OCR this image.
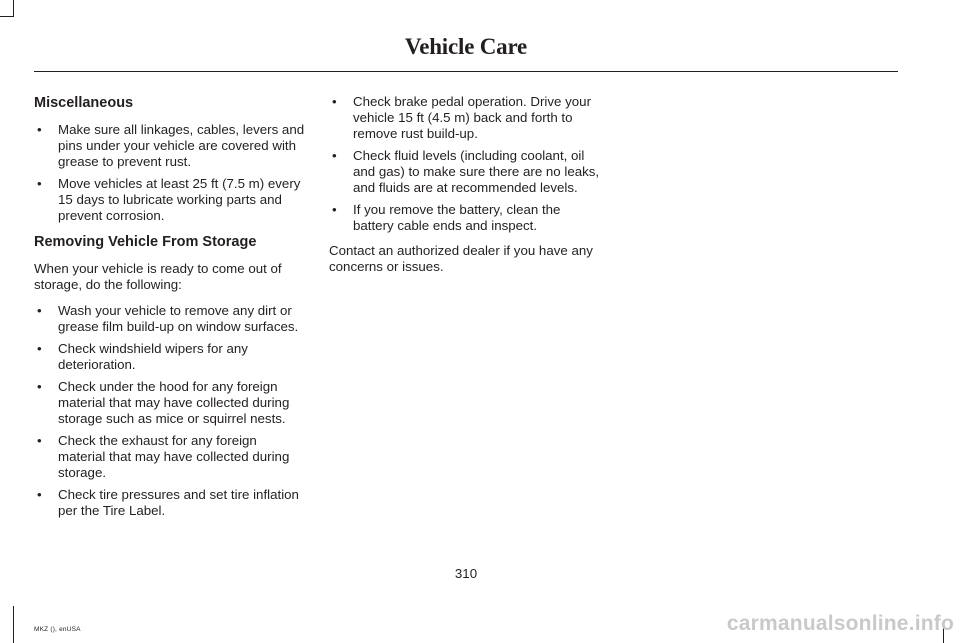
Vehicle Care
Miscellaneous
• Make sure all linkages, cables, levers and pins under your vehicle are covered with grease to prevent rust.
• Move vehicles at least 25 ft (7.5 m) every 15 days to lubricate working parts and prevent corrosion.
Removing Vehicle From Storage

When your vehicle is ready to come out of storage, do the following:

• Wash your vehicle to remove any dirt or grease film build-up on window surfaces.
• Check windshield wipers for any deterioration.
• Check under the hood for any foreign material that may have collected during storage such as mice or squirrel nests.
• Check the exhaust for any foreign material that may have collected during storage.
• Check tire pressures and set tire inflation per the Tire Label.
• Check brake pedal operation. Drive your vehicle 15 ft (4.5 m) back and forth to remove rust build-up.
• Check fluid levels (including coolant, oil and gas) to make sure there are no leaks, and fluids are at recommended levels.
• If you remove the battery, clean the battery cable ends and inspect.

Contact an authorized dealer if you have any concerns or issues.

310
MKZ (), enUSA	carmanualsonline.info
